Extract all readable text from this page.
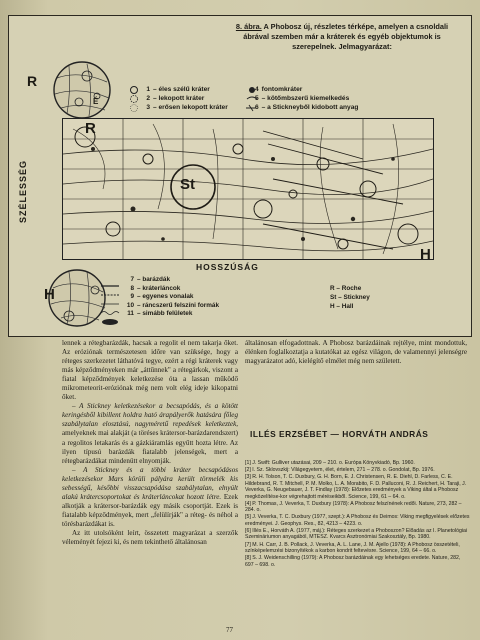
8. ábra. A Phobosz új, részletes térképe, amelyen a csnoldali ábrával szemben már a kráterek és egyéb objektumok is szerepelnek. Jelmagyarázat:
1 – éles szélű kráter
2 – lekopott kráter
3 – erősen lekopott kráter
4 fontomkráter
5 – kötőmbszerű kiemelkedés
6 – a Stickneyből kidobott anyag
R
É
R
St
H
H
SZÉLESSÉG
HOSSZÚSÁG
7 – barázdák
8 – kráterláncok
9 – egyenes vonalak
10 – ráncszerű felszíni formák
11 – simább felületek
R – Roche
St – Stickney
H – Hall

lennek a rétegbarázdák, hacsak a regolit el nem takarja őket. Az eróziónak természetesen idõre van szüksége, hogy a réteges szerkezetet láthatóvá tegye, ezért a régi kráterek vagy más képződményeken már „áttűnnek" a rétegárkok, viszont a fiatal képződmények keletkezése óta a lassan működő mikrometeorit-eróziónak még nem volt elég ideje kikopatni őket.

– A Stickney keletkezésekor a becsapódás, és a kötött keringésből kibillent holdra ható árapályerők hatására főleg szabálytalan elosztású, nagyméretű repedések keletkeztek, amelyeknek mai alakját (a töréses krátersor-barázdarendszert) a regolitos letakarás és a gázkiáramlás egyűtt hozta létre. Az ilyen típusú barázdák fiatalabb jelenségek, mert a rétegbarázdákat mindenütt elnyomják.

– A Stickney és a többi kráter becsapódásos keletkezésekor Mars körüli pályára került törmelék kis sebességű, későbbi visszacsapódása szabálytalan, elnyúlt alakú krátercsoportokat és kráterláncokat hozott létre. Ezek alkotják a krátersor-barázdák egy másik csoportját. Ezek is fiatalabb képződmények, mert „felülírják" a réteg- és néhol a törésbarázdákat is.

Az itt utolsóként leírt, összetett magyarázat a szerzők véleményét fejezi ki, és nem tekinthető általánosan

általánosan elfogadottnak. A Phobosz barázdáinak rejtélye, mint mondottuk, élénken foglalkoztatja a kutatókat az egész világon, de valamennyi jelenségre magyarázatot adó, kielégítő elmélet még nem született.

ILLÉS ERZSÉBET — HORVÁTH ANDRÁS
[1] J. Swift: Gulliver utazásai, 209 – 210. o. Európa Könyvkiadó, Bp. 1960.
[2] I. Sz. Sklovszkij: Világegyetem, élet, értelem, 271 – 278. o. Gondolat, Bp. 1976.
[3] R. H. Tolson, T. C. Duxbury, G. H. Born, E. J. Christensen, R. E. Diehl, D. Farless, C. E. Hildebrand, R. T. Mitchell, P. M. Molko, L. A. Morabito, F. D. Palluconi, R. J. Reichert, H. Taraji, J. Veverka, G. Neugebauer, J. T. Findlay (1978): Előzetes eredmények a Viking által a Phobosz megközelítése-kor végrehajtott méréseikből. Science, 199, 61 – 64. o.
[4] P. Thomas, J. Veverka, T. Duxbury (1978): A Phobosz felszínének redői. Nature, 273, 282 – 284. o.
[5] J. Veverka, T. C. Duxbury (1977, szept.): A Phobosz és Deimos: Viking megfigyelések előzetes eredményei. J. Geophys. Res., 82, 4213 – 4223. o.
[6] Illés E., Horváth A. (1977, máj.): Réteges szerkezet a Phoboszon? Előadás az I. Planetológiai Szemináriumon anyagából, MTESZ. Kvarcs Asztronómiai Szakosztály, Bp. 1980.
[7] M. H. Carr, J. B. Pollack, J. Veverka, A. L. Lane, J. M. Ajello (1978): A Phobosz összetételi, színképelemzési bizonyítékok a karbon kondrit feltevésre. Science, 199, 64 – 66. o.
[8] S. J. Weidenschilling (1979): A Phobosz barázdáinak egy lehetséges eredete. Nature, 282, 697 – 698. o.
77
